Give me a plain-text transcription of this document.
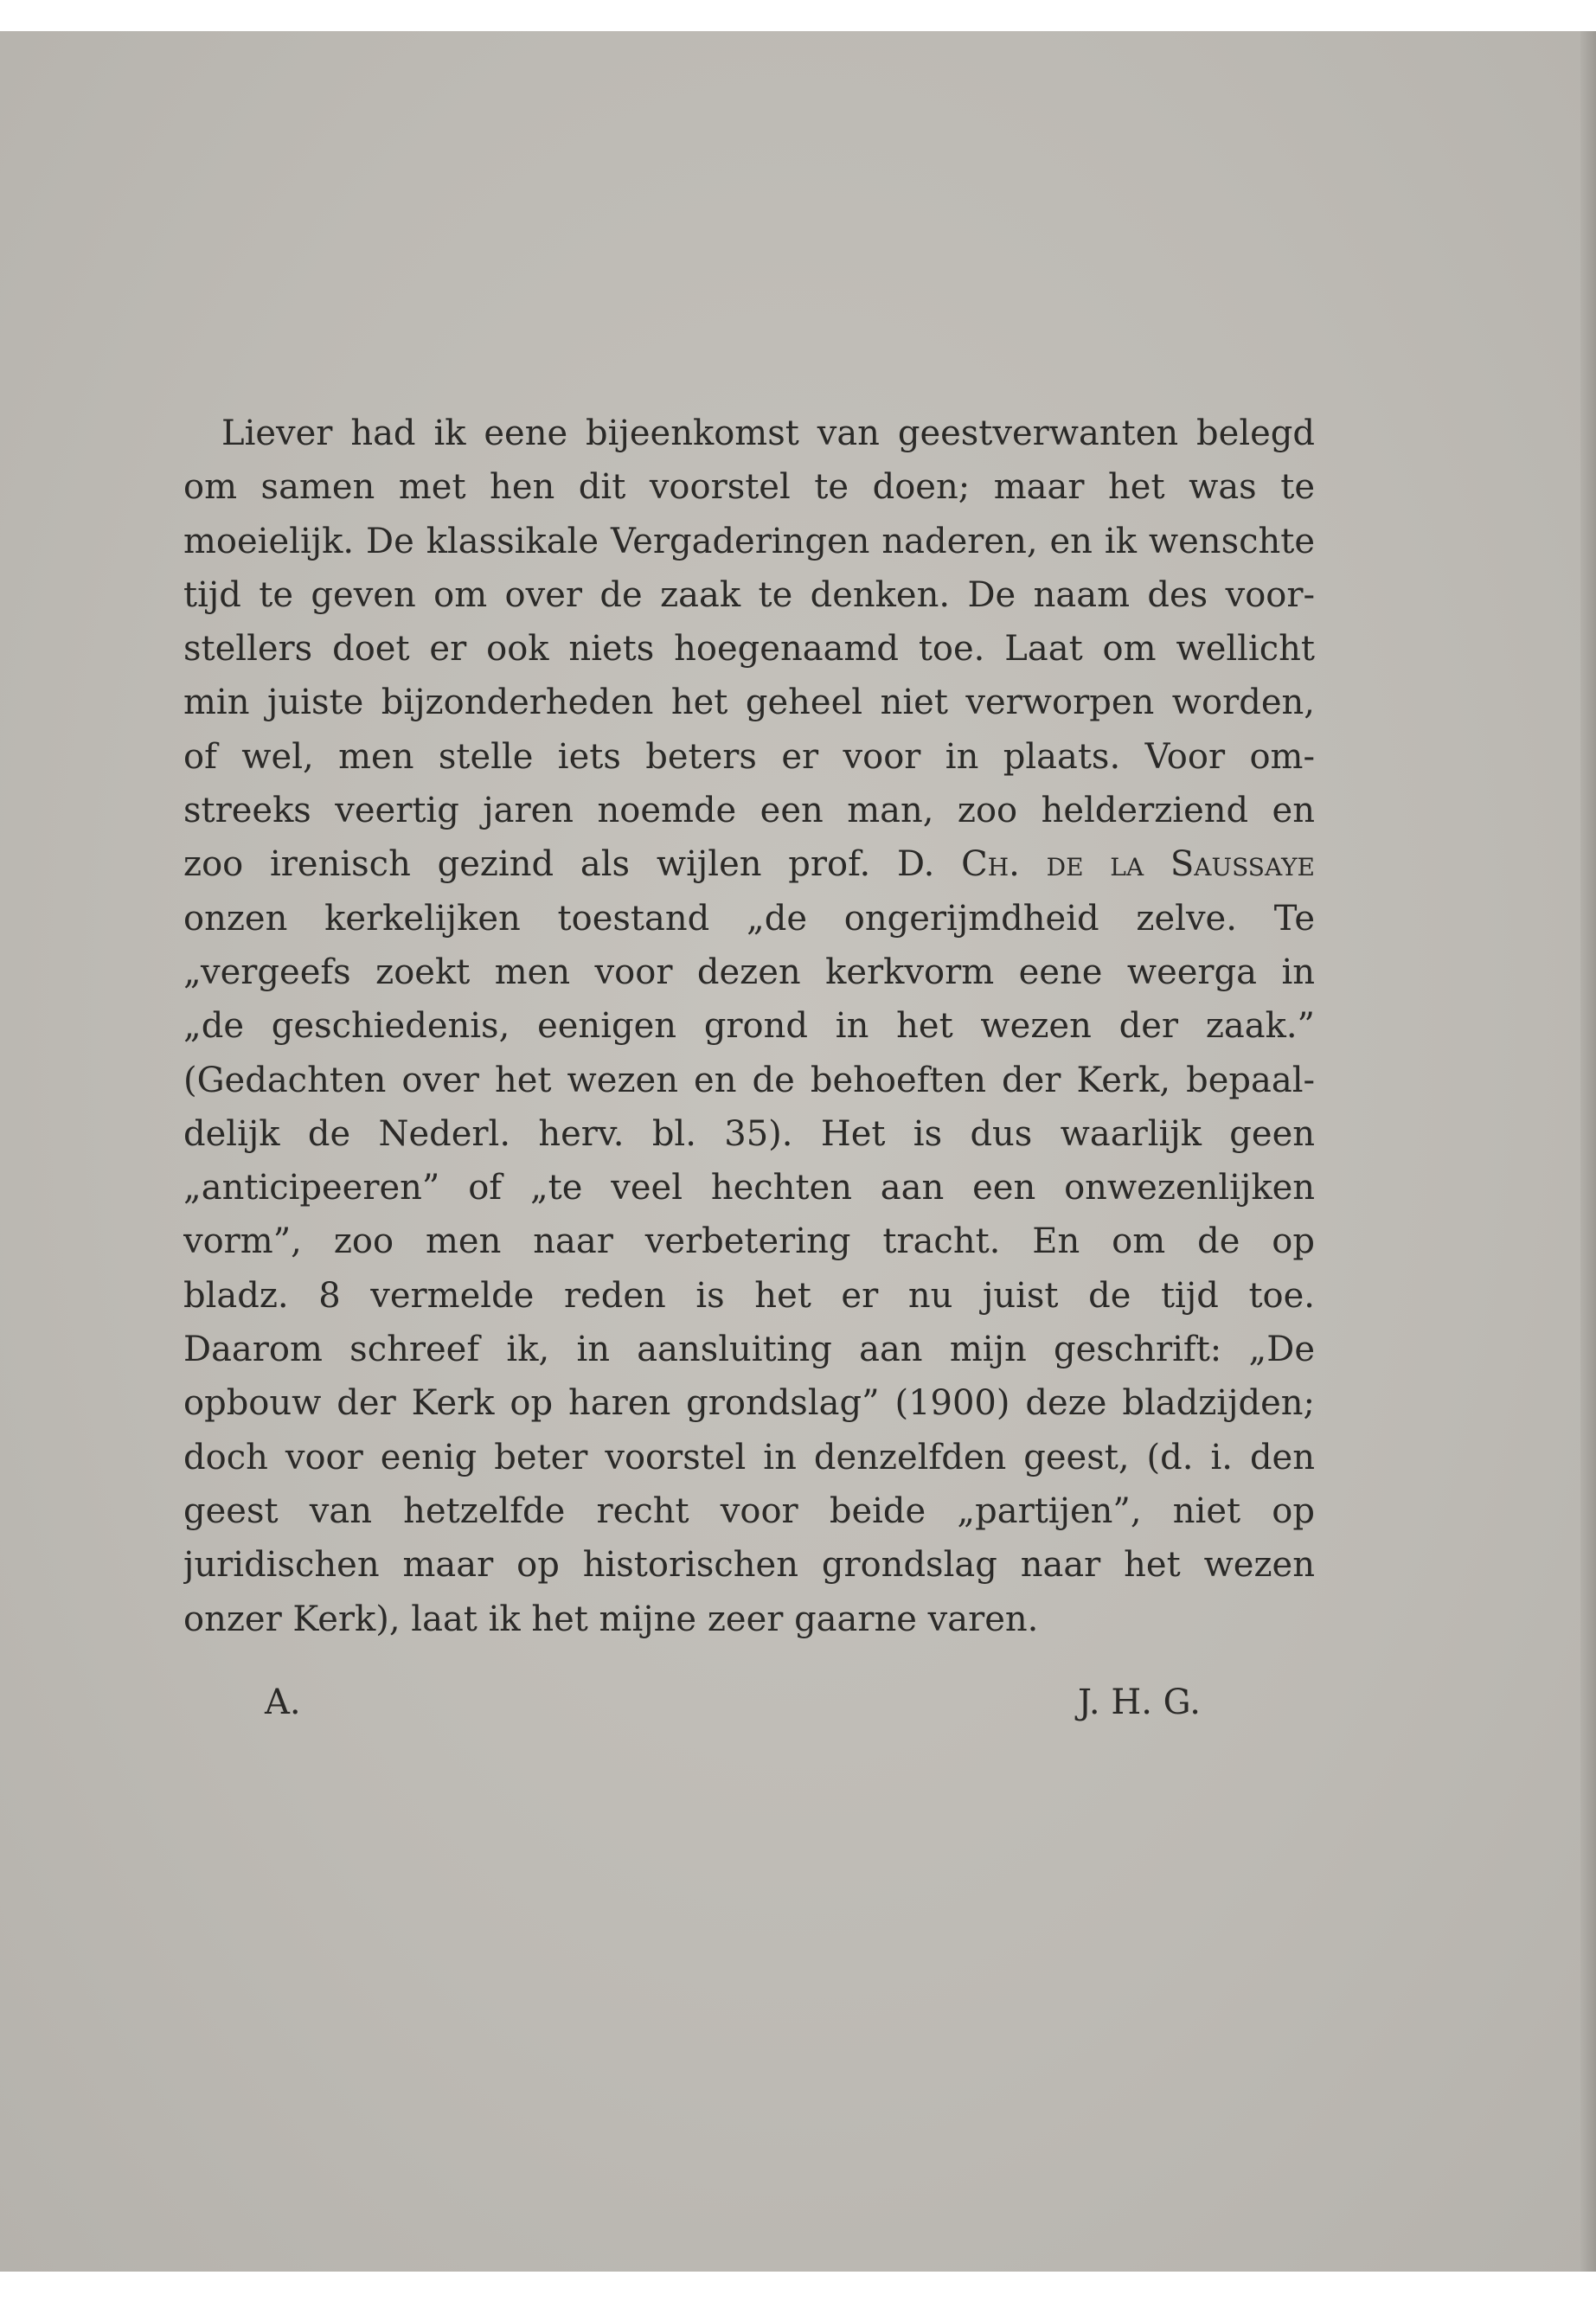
Liever had ik eene bijeenkomst van geestverwanten belegd
om samen met hen dit voorstel te doen; maar het was te
moeielijk. De klassikale Vergaderingen naderen, en ik wenschte
tijd te geven om over de zaak te denken. De naam des voor-
stellers doet er ook niets hoegenaamd toe. Laat om wellicht
min juiste bijzonderheden het geheel niet verworpen worden,
of wel, men stelle iets beters er voor in plaats. Voor om-
streeks veertig jaren noemde een man, zoo helderziend en
zoo irenisch gezind als wijlen prof. D. Ch. de la Saussaye
onzen kerkelijken toestand „de ongerijmdheid zelve. Te
„vergeefs zoekt men voor dezen kerkvorm eene weerga in
„de geschiedenis, eenigen grond in het wezen der zaak.”
(Gedachten over het wezen en de behoeften der Kerk, bepaal-
delijk de Nederl. herv. bl. 35). Het is dus waarlijk geen
„anticipeeren” of „te veel hechten aan een onwezenlijken
vorm”, zoo men naar verbetering tracht. En om de op
bladz. 8 vermelde reden is het er nu juist de tijd toe.
Daarom schreef ik, in aansluiting aan mijn geschrift: „De
opbouw der Kerk op haren grondslag” (1900) deze bladzijden;
doch voor eenig beter voorstel in denzelfden geest, (d. i. den
geest van hetzelfde recht voor beide „partijen”, niet op
juridischen maar op historischen grondslag naar het wezen
onzer Kerk), laat ik het mijne zeer gaarne varen.
A.	J. H. G.
